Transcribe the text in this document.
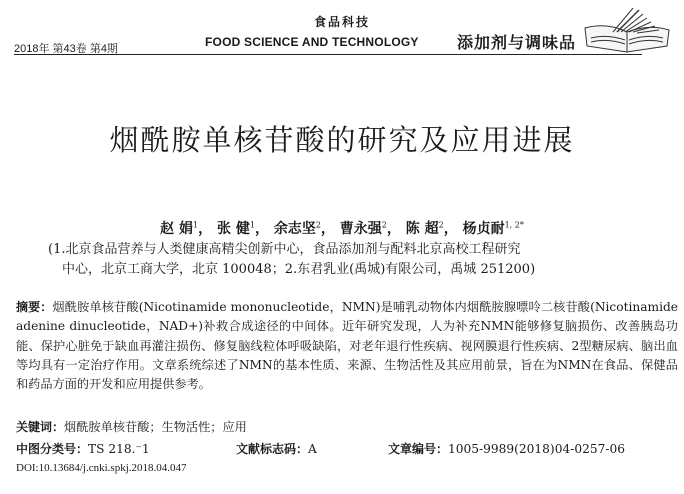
2018年 第43卷 第4期
食品科技
FOOD SCIENCE AND TECHNOLOGY 添加剂与调味品
烟酰胺单核苷酸的研究及应用进展
赵 娟$^1$， 张 健$^1$， 余志坚$^2$， 曹永强$^2$， 陈 超$^2$， 杨贞耐$^{1, 2*}$
(1.北京食品营养与人类健康高精尖创新中心，食品添加剂与配料北京高校工程研究
中心，北京工商大学，北京 100048；2.东君乳业(禹城)有限公司，禹城 251200)
摘要：烟酰胺单核苷酸(Nicotinamide mononucleotide，NMN)是哺乳动物体内烟酰胺腺嘌呤二核苷酸(Nicotinamide adenine dinucleotide，NAD+)补救合成途径的中间体。近年研究发现，人为补充NMN能够修复脑损伤、改善胰岛功能、保护心脏免于缺血再灌注损伤、修复脑线粒体呼吸缺陷，对老年退行性疾病、视网膜退行性疾病、2型糖尿病、脑出血等均具有一定治疗作用。文章系统综述了NMN的基本性质、来源、生物活性及其应用前景，旨在为NMN在食品、保健品和药品方面的开发和应用提供参考。
关键词：烟酰胺单核苷酸；生物活性；应用
中图分类号：TS 218.⁻1	文献标志码：A	文章编号：1005-9989(2018)04-0257-06
DOI:10.13684/j.cnki.spkj.2018.04.047
